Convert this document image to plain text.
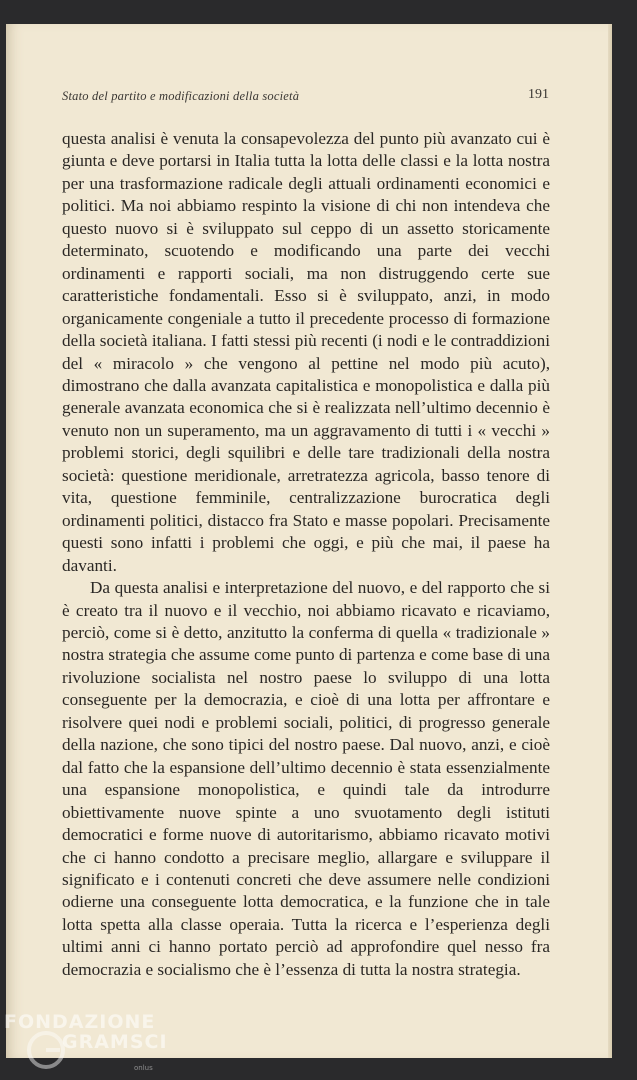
Stato del partito e modificazioni della società	191

questa analisi è venuta la consapevolezza del punto più avanzato cui è giunta e deve portarsi in Italia tutta la lotta delle classi e la lotta nostra per una trasformazione radicale degli attuali ordinamenti economici e politici. Ma noi abbiamo respinto la visione di chi non intendeva che questo nuovo si è sviluppato sul ceppo di un assetto storicamente determinato, scuotendo e modificando una parte dei vecchi ordinamenti e rapporti sociali, ma non distruggendo certe sue caratteristiche fondamentali. Esso si è sviluppato, anzi, in modo organicamente congeniale a tutto il precedente processo di formazione della società italiana. I fatti stessi più recenti (i nodi e le contraddizioni del « miracolo » che vengono al pettine nel modo più acuto), dimostrano che dalla avanzata capitalistica e monopolistica e dalla più generale avanzata economica che si è realizzata nell’ultimo decennio è venuto non un superamento, ma un aggravamento di tutti i « vecchi » problemi storici, degli squilibri e delle tare tradizionali della nostra società: questione meridionale, arretratezza agricola, basso tenore di vita, questione femminile, centralizzazione burocratica degli ordinamenti politici, distacco fra Stato e masse popolari. Precisamente questi sono infatti i problemi che oggi, e più che mai, il paese ha davanti.

Da questa analisi e interpretazione del nuovo, e del rapporto che si è creato tra il nuovo e il vecchio, noi abbiamo ricavato e ricaviamo, perciò, come si è detto, anzitutto la conferma di quella « tradizionale » nostra strategia che assume come punto di partenza e come base di una rivoluzione socialista nel nostro paese lo sviluppo di una lotta conseguente per la democrazia, e cioè di una lotta per affrontare e risolvere quei nodi e problemi sociali, politici, di progresso generale della nazione, che sono tipici del nostro paese. Dal nuovo, anzi, e cioè dal fatto che la espansione dell’ultimo decennio è stata essenzialmente una espansione monopolistica, e quindi tale da introdurre obiettivamente nuove spinte a uno svuotamento degli istituti democratici e forme nuove di autoritarismo, abbiamo ricavato motivi che ci hanno condotto a precisare meglio, allargare e sviluppare il significato e i contenuti concreti che deve assumere nelle condizioni odierne una conseguente lotta democratica, e la funzione che in tale lotta spetta alla classe operaia. Tutta la ricerca e l’esperienza degli ultimi anni ci hanno portato perciò ad approfondire quel nesso fra democrazia e socialismo che è l’essenza di tutta la nostra strategia.

FONDAZIONE
GRAMSCI
onlus
